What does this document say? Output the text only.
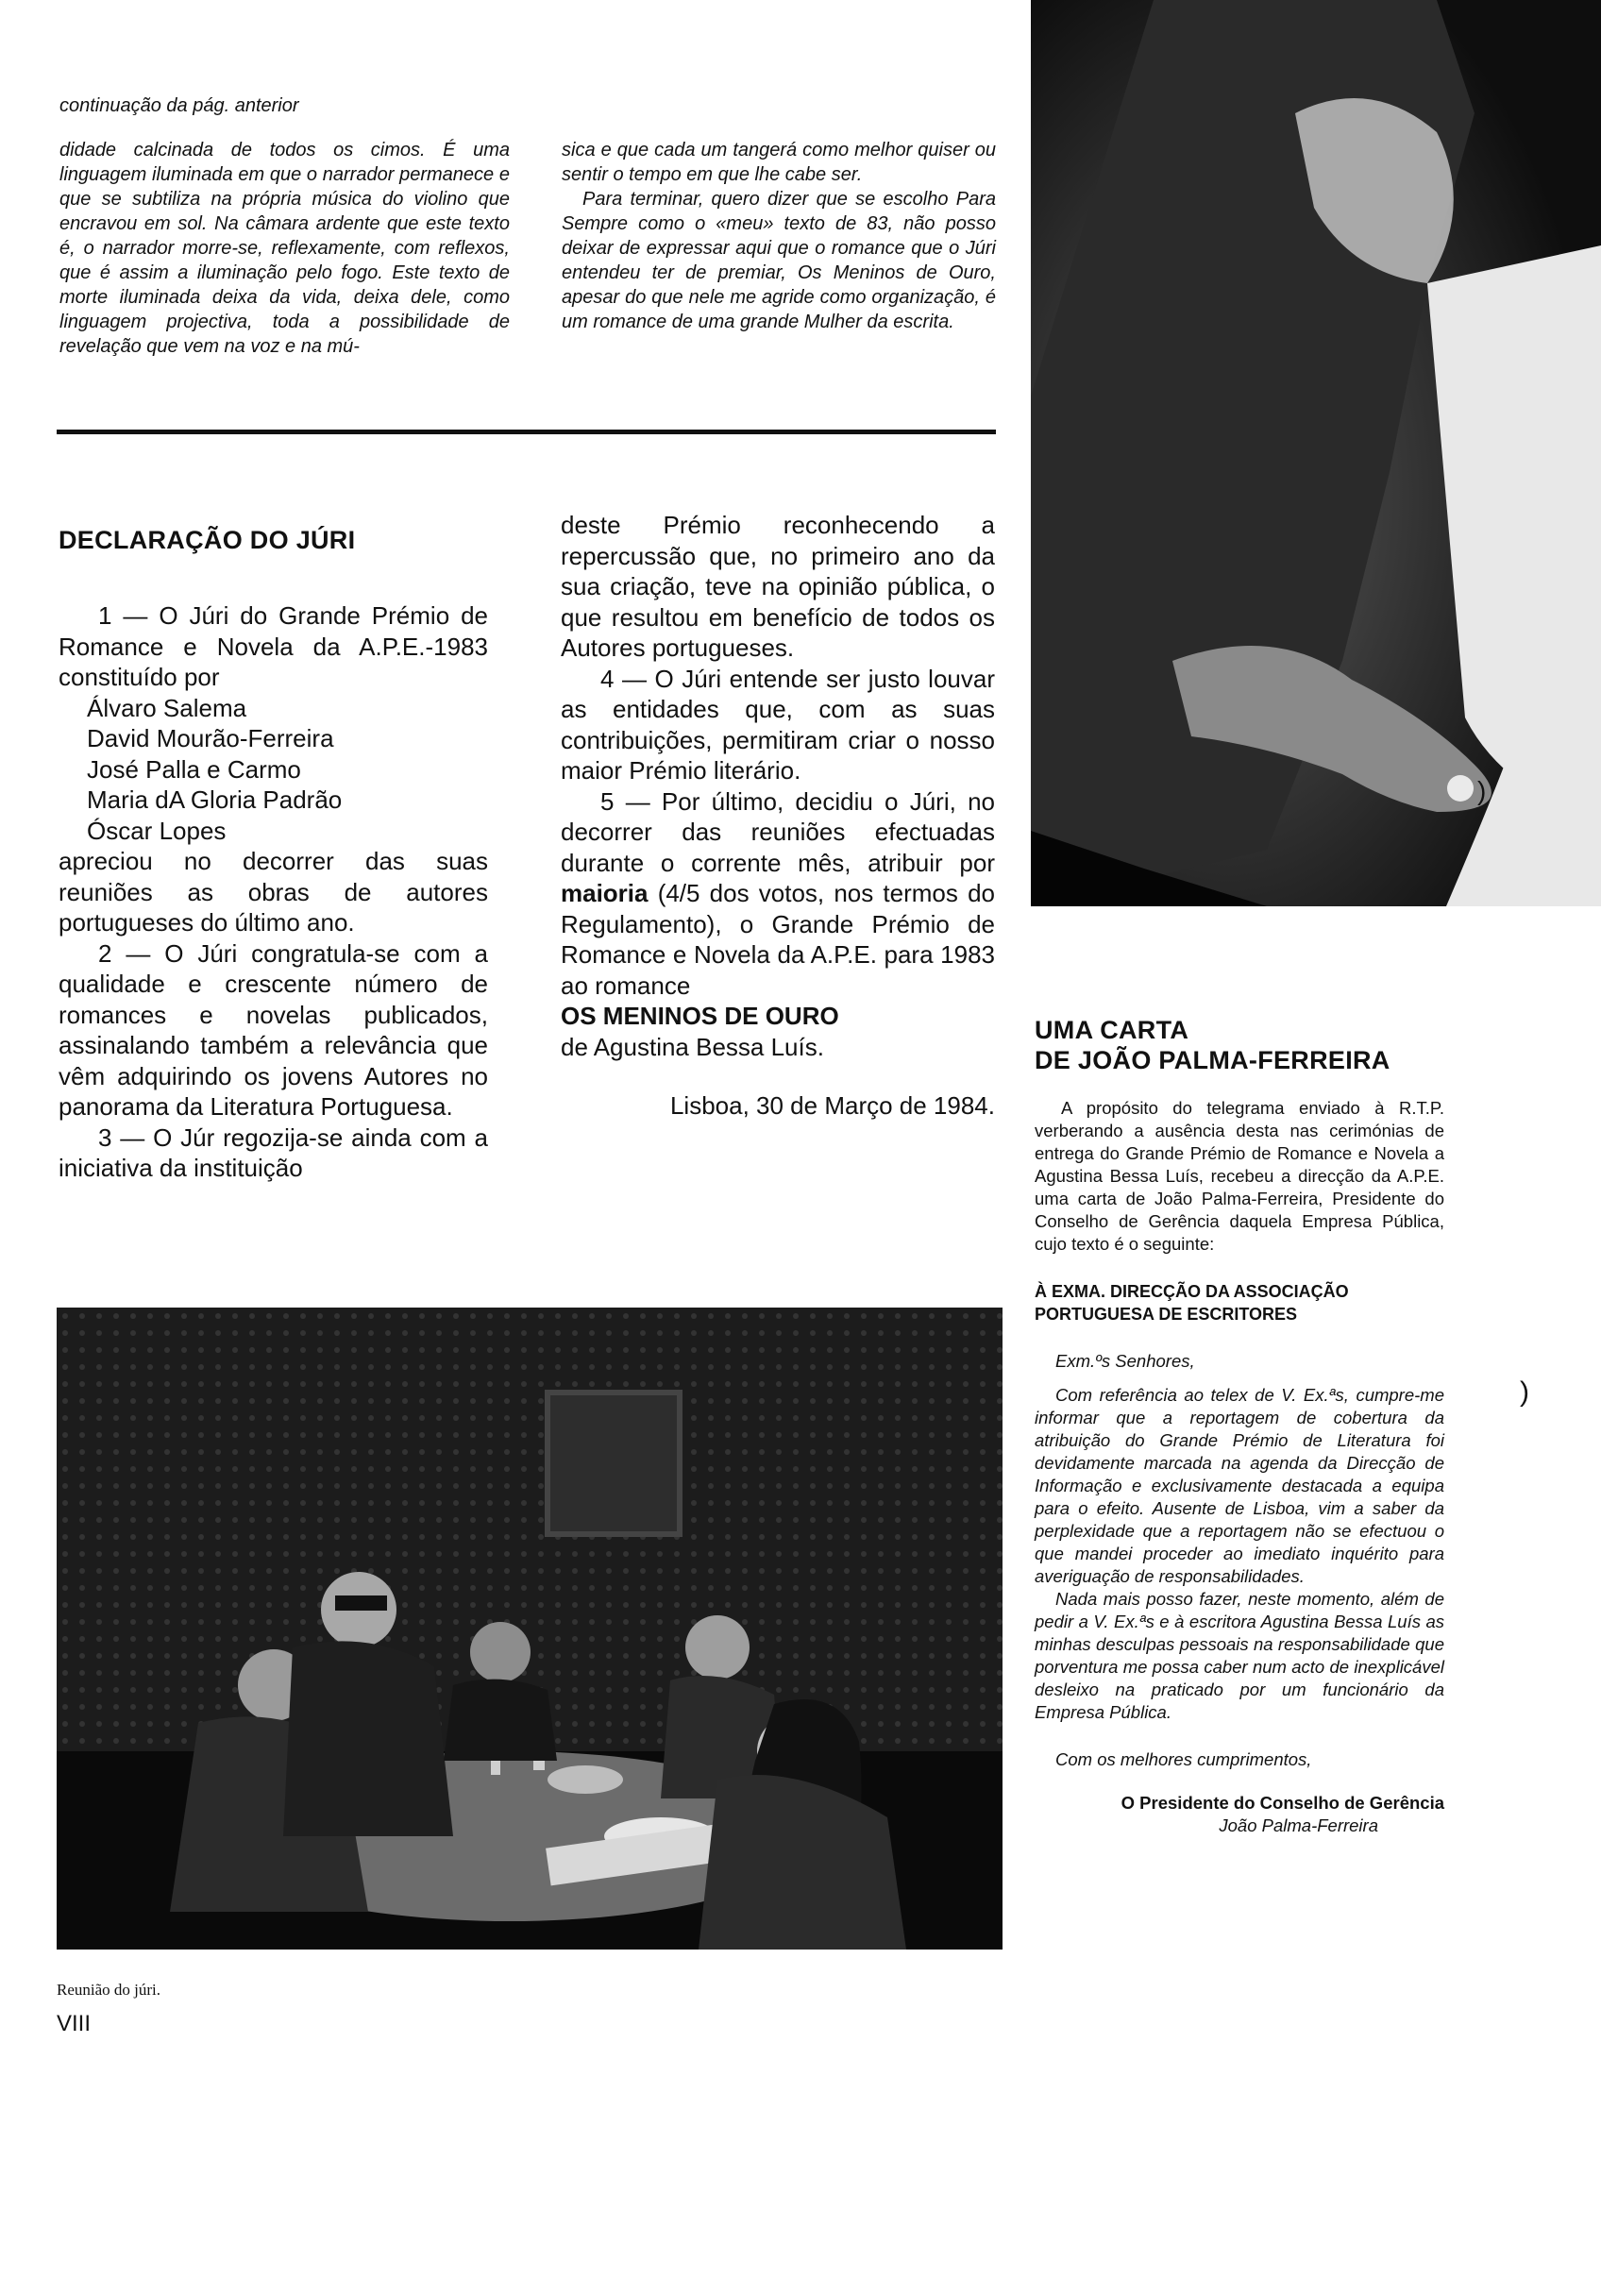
continuação da pág. anterior

didade calcinada de todos os cimos. É uma linguagem iluminada em que o narrador permanece e que se subtiliza na própria música do violino que encravou em sol. Na câmara ardente que este texto é, o narrador morre-se, reflexamente, com reflexos, que é assim a iluminação pelo fogo. Este texto de morte iluminada deixa da vida, deixa dele, como linguagem projectiva, toda a possibilidade de revelação que vem na voz e na mú-

sica e que cada um tangerá como melhor quiser ou sentir o tempo em que lhe cabe ser.

Para terminar, quero dizer que se escolho Para Sempre como o «meu» texto de 83, não posso deixar de expressar aqui que o romance que o Júri entendeu ter de premiar, Os Meninos de Ouro, apesar do que nele me agride como organização, é um romance de uma grande Mulher da escrita.

)
DECLARAÇÃO DO JÚRI

1 — O Júri do Grande Prémio de Romance e Novela da A.P.E.-1983 constituído por

Álvaro Salema
David Mourão-Ferreira
José Palla e Carmo
Maria dA Gloria Padrão
Óscar Lopes

apreciou no decorrer das suas reuniões as obras de autores portugueses do último ano.

2 — O Júri congratula-se com a qualidade e crescente número de romances e novelas publicados, assinalando também a relevância que vêm adquirindo os jovens Autores no panorama da Literatura Portuguesa.

3 — O Júr regozija-se ainda com a iniciativa da instituição

deste Prémio reconhecendo a repercussão que, no primeiro ano da sua criação, teve na opinião pública, o que resultou em benefício de todos os Autores portugueses.

4 — O Júri entende ser justo louvar as entidades que, com as suas contribuições, permitiram criar o nosso maior Prémio literário.

5 — Por último, decidiu o Júri, no decorrer das reuniões efectuadas durante o corrente mês, atribuir por maioria (4/5 dos votos, nos termos do Regulamento), o Grande Prémio de Romance e Novela da A.P.E. para 1983 ao romance

OS MENINOS DE OURO
de Agustina Bessa Luís.
Lisboa, 30 de Março de 1984.
Reunião do júri.
VIII
UMA CARTA
DE JOÃO PALMA-FERREIRA

A propósito do telegrama enviado à R.T.P. verberando a ausência desta nas cerimónias de entrega do Grande Prémio de Romance e Novela a Agustina Bessa Luís, recebeu a direcção da A.P.E. uma carta de João Palma-Ferreira, Presidente do Conselho de Gerência daquela Empresa Pública, cujo texto é o seguinte:

À EXMA. DIRECÇÃO DA ASSOCIAÇÃO
PORTUGUESA DE ESCRITORES

Exm.ºs Senhores,

Com referência ao telex de V. Ex.ªs, cumpre-me informar que a reportagem de cobertura da atribuição do Grande Prémio de Literatura foi devidamente marcada na agenda da Direcção de Informação e exclusivamente destacada a equipa para o efeito. Ausente de Lisboa, vim a saber da perplexidade que a reportagem não se efectuou o que mandei proceder ao imediato inquérito para averiguação de responsabilidades.

Nada mais posso fazer, neste momento, além de pedir a V. Ex.ªs e à escritora Agustina Bessa Luís as minhas desculpas pessoais na responsabilidade que porventura me possa caber num acto de inexplicável desleixo na praticado por um funcionário da Empresa Pública.

Com os melhores cumprimentos,

O Presidente do Conselho de Gerência
João Palma-Ferreira
)
